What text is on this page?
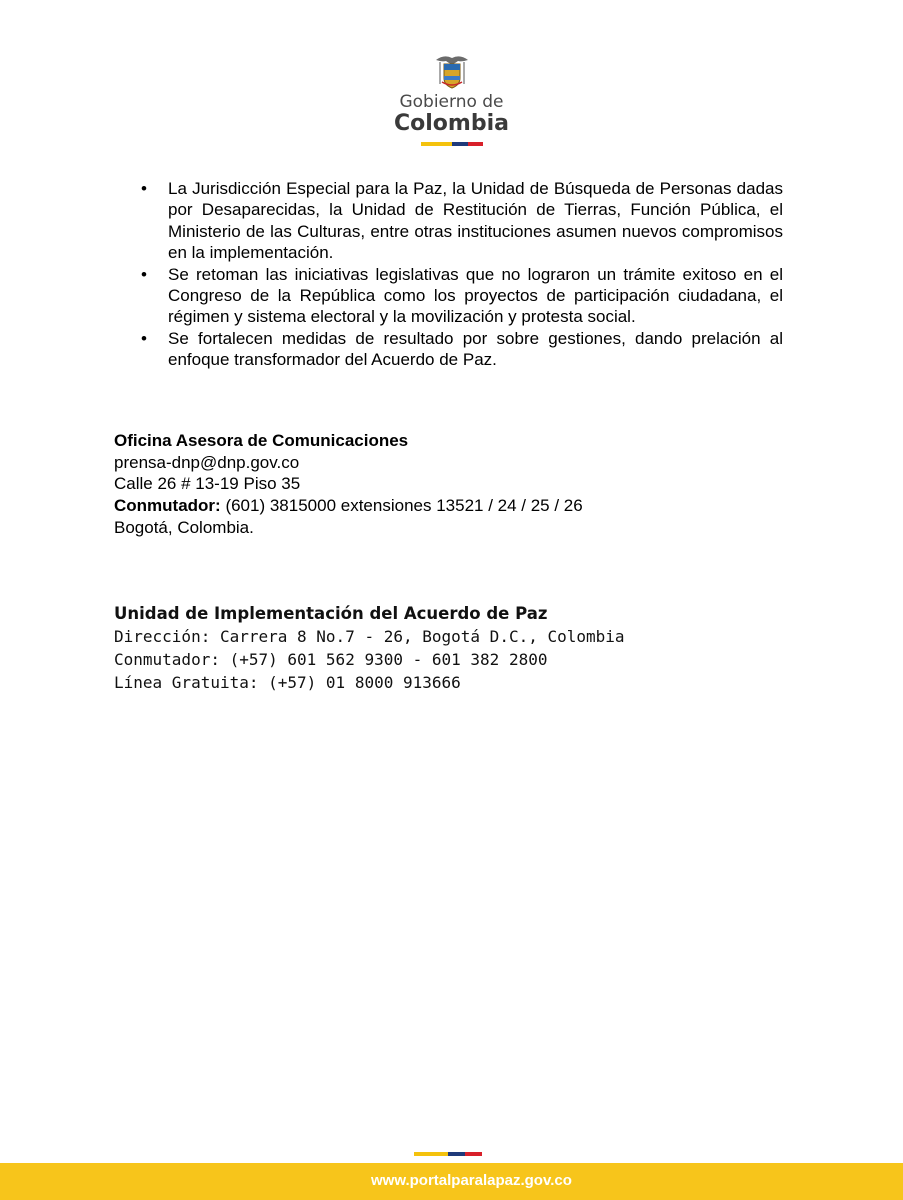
Gobierno de
Colombia
• La Jurisdicción Especial para la Paz, la Unidad de Búsqueda de Personas dadas por Desaparecidas, la Unidad de Restitución de Tierras, Función Pública, el Ministerio de las Culturas, entre otras instituciones asumen nuevos compromisos en la implementación.
• Se retoman las iniciativas legislativas que no lograron un trámite exitoso en el Congreso de la República como los proyectos de participación ciudadana, el régimen y sistema electoral y la movilización y protesta social.
• Se fortalecen medidas de resultado por sobre gestiones, dando prelación al enfoque transformador del Acuerdo de Paz.
Oficina Asesora de Comunicaciones
prensa-dnp@dnp.gov.co
Calle 26 # 13-19 Piso 35
Conmutador: (601) 3815000 extensiones 13521 / 24 / 25 / 26
Bogotá, Colombia.
Unidad de Implementación del Acuerdo de Paz
Dirección: Carrera 8 No.7 - 26, Bogotá D.C., Colombia
Conmutador: (+57) 601 562 9300 - 601 382 2800
Línea Gratuita: (+57) 01 8000 913666
www.portalparalapaz.gov.co
